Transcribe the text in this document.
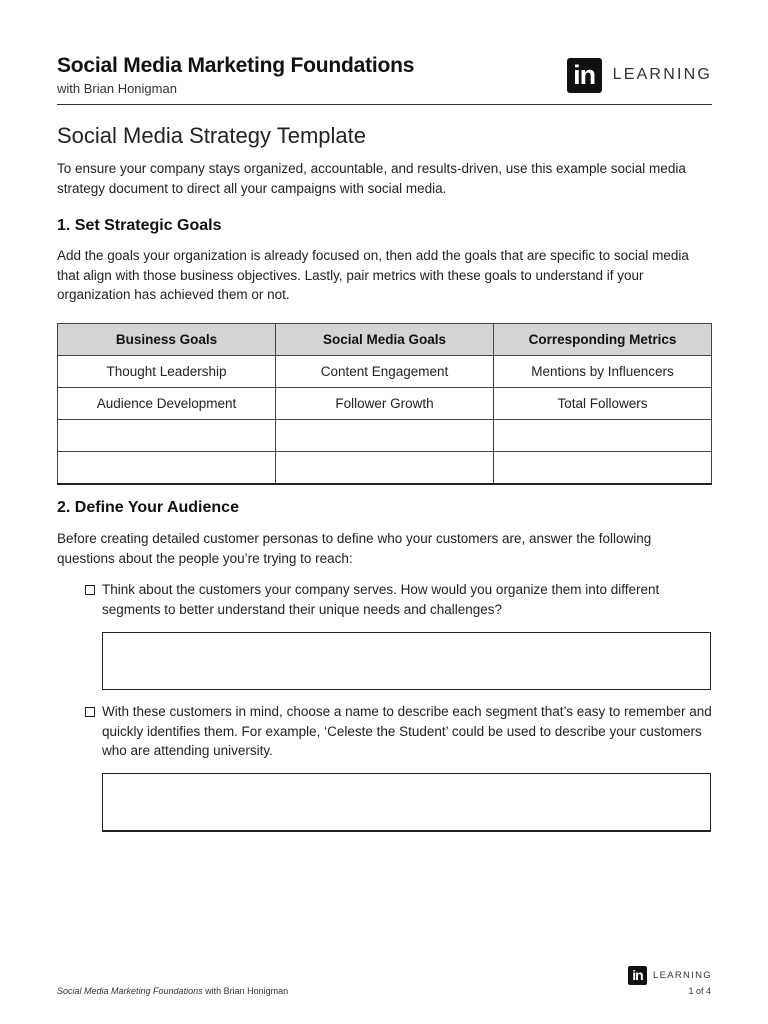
Social Media Marketing Foundations
with Brian Honigman	in	LEARNING
Social Media Strategy Template
To ensure your company stays organized, accountable, and results-driven, use this example social media strategy document to direct all your campaigns with social media.
1. Set Strategic Goals
Add the goals your organization is already focused on, then add the goals that are specific to social media that align with those business objectives. Lastly, pair metrics with these goals to understand if your organization has achieved them or not.
Business Goals	Social Media Goals	Corresponding Metrics
Thought Leadership	Content Engagement	Mentions by Influencers
Audience Development	Follower Growth	Total Followers

2. Define Your Audience
Before creating detailed customer personas to define who your customers are, answer the following questions about the people you’re trying to reach:
Think about the customers your company serves. How would you organize them into different segments to better understand their unique needs and challenges?
With these customers in mind, choose a name to describe each segment that’s easy to remember and quickly identifies them. For example, ‘Celeste the Student’ could be used to describe your customers who are attending university.
in	LEARNING
Social Media Marketing Foundations with Brian Honigman	1 of 4
